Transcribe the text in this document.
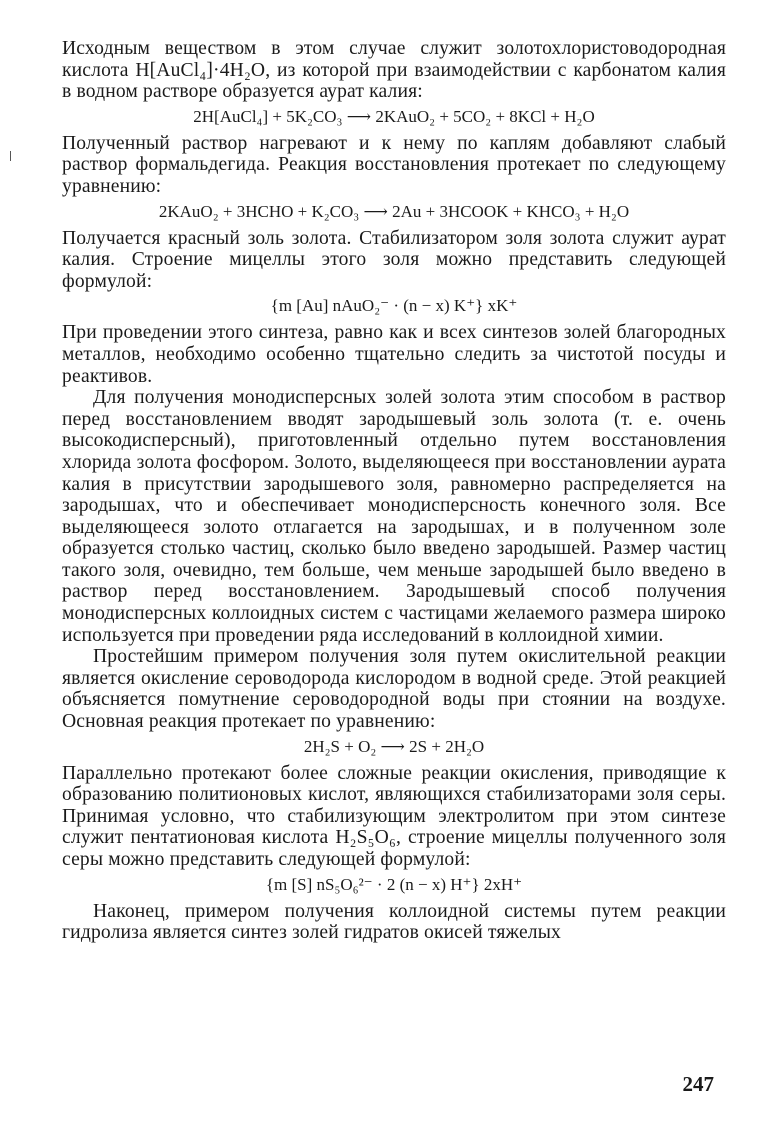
Исходным веществом в этом случае служит золотохлористоводородная кислота H[AuCl₄]·4H₂O, из которой при взаимодействии с карбонатом калия в водном растворе образуется аурат калия:

2H[AuCl₄] + 5K₂CO₃ ⟶ 2KAuO₂ + 5CO₂ + 8KCl + H₂O

Полученный раствор нагревают и к нему по каплям добавляют слабый раствор формальдегида. Реакция восстановления протекает по следующему уравнению:

2KAuO₂ + 3HCHO + K₂CO₃ ⟶ 2Au + 3HCOOK + KHCO₃ + H₂O

Получается красный золь золота. Стабилизатором золя золота служит аурат калия. Строение мицеллы этого золя можно представить следующей формулой:

{m [Au] nAuO₂⁻ · (n − x) K⁺} xK⁺

При проведении этого синтеза, равно как и всех синтезов золей благородных металлов, необходимо особенно тщательно следить за чистотой посуды и реактивов.

Для получения монодисперсных золей золота этим способом в раствор перед восстановлением вводят зародышевый золь золота (т. е. очень высокодисперсный), приготовленный отдельно путем восстановления хлорида золота фосфором. Золото, выделяющееся при восстановлении аурата калия в присутствии зародышевого золя, равномерно распределяется на зародышах, что и обеспечивает монодисперсность конечного золя. Все выделяющееся золото отлагается на зародышах, и в полученном золе образуется столько частиц, сколько было введено зародышей. Размер частиц такого золя, очевидно, тем больше, чем меньше зародышей было введено в раствор перед восстановлением. Зародышевый способ получения монодисперсных коллоидных систем с частицами желаемого размера широко используется при проведении ряда исследований в коллоидной химии.

Простейшим примером получения золя путем окислительной реакции является окисление сероводорода кислородом в водной среде. Этой реакцией объясняется помутнение сероводородной воды при стоянии на воздухе. Основная реакция протекает по уравнению:

2H₂S + O₂ ⟶ 2S + 2H₂O

Параллельно протекают более сложные реакции окисления, приводящие к образованию политионовых кислот, являющихся стабилизаторами золя серы. Принимая условно, что стабилизующим электролитом при этом синтезе служит пентатионовая кислота H₂S₅O₆, строение мицеллы полученного золя серы можно представить следующей формулой:

{m [S] nS₅O₆²⁻ · 2 (n − x) H⁺} 2xH⁺

Наконец, примером получения коллоидной системы путем реакции гидролиза является синтез золей гидратов окисей тяжелых

247
